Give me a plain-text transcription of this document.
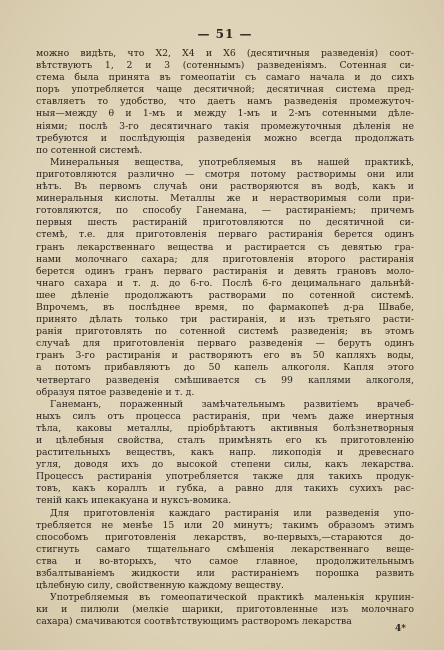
— 51 —
можно видѣть, что X2, X4 и X6 (десятичныя разведенія) соот-
вѣтствуютъ 1, 2 и 3 (сотеннымъ) разведеніямъ. Сотенная си-
стема была принята въ гомеопатіи съ самаго начала и до сихъ
поръ употребляется чаще десятичной; десятичная система пред-
ставляетъ то удобство, что даетъ намъ разведенія промежуточ-
ныя—между θ и 1-мъ и между 1-мъ и 2-мъ сотенными дѣле-
ніями; послѣ 3-го десятичнаго такія промежуточныя дѣленія не
требуются и послѣдующія разведенія можно всегда продолжать
по сотенной системѣ.
Минеральныя вещества, употребляемыя въ нашей практикѣ,
приготовляются различно — смотря потому растворимы они или
нѣтъ. Въ первомъ случаѣ они растворяются въ водѣ, какъ и
минеральныя кислоты. Металлы же и нерастворимыя соли при-
готовляются, по способу Ганемана, — растираніемъ; причемъ
первыя шесть растираній приготовляются по десятичной си-
стемѣ, т.е. для приготовленія перваго растиранія берется одинъ
гранъ лекарственнаго вещества и растирается съ девятью гра-
нами молочнаго сахара; для приготовленія второго растиранія
берется одинъ гранъ перваго растиранія и девять грановъ моло-
чнаго сахара и т. д. до 6-го. Послѣ 6-го децимальнаго дальнѣй-
шее дѣленіе продолжаютъ растворами по сотенной системѣ.
Впрочемъ, въ послѣднее время, по фармакопеѣ д-ра Швабе,
принято дѣлать только три растиранія, и изъ третьяго расти-
ранія приготовлять по сотенной системѣ разведенія; въ этомъ
случаѣ для приготовленія перваго разведенія — берутъ одинъ
гранъ 3-го растиранія и растворяютъ его въ 50 капляхъ воды,
а потомъ прибавляютъ до 50 капель алкоголя. Капля этого
четвертаго разведенія смѣшивается съ 99 каплями алкоголя,
образуя пятое разведеніе и т. д.
Ганеманъ, пораженный замѣчательнымъ развитіемъ врачеб-
ныхъ силъ отъ процесса растиранія, при чемъ даже инертныя
тѣла, каковы металлы, пріобрѣтаютъ активныя болѣзнетворныя
и цѣлебныя свойства, сталъ примѣнять его къ приготовленію
растительныхъ веществъ, какъ напр. ликоподія и древеснаго
угля, доводя ихъ до высокой степени силы, какъ лекарства.
Процессъ растиранія употребляется также для такихъ продук-
товъ, какъ кораллъ и губка, а равно для такихъ сухихъ рас-
теній какъ ипекакуана и нуксъ-вомика.
Для приготовленія каждаго растиранія или разведенія упо-
требляется не менѣе 15 или 20 минутъ; такимъ образомъ этимъ
способомъ приготовленія лекарствъ, во-первыхъ,—стараются до-
стигнуть самаго тщательнаго смѣшенія лекарственнаго веще-
ства и во-вторыхъ, что самое главное, продолжительнымъ
взбалтываніемъ жидкости или растираніемъ порошка развить
цѣлебную силу, свойственную каждому веществу.
Употребляемыя въ гомеопатической практикѣ маленькія крупин-
ки и пилюли (мелкіе шарики, приготовленные изъ молочнаго
сахара) смачиваются соотвѣтствующимъ растворомъ лекарства
4*
